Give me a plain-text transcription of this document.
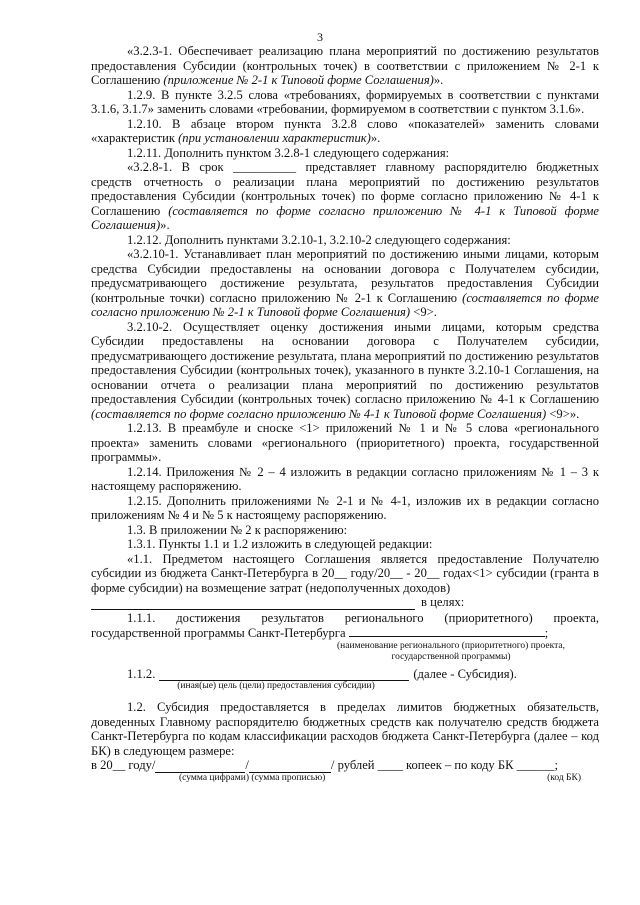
3

«3.2.3-1. Обеспечивает реализацию плана мероприятий по достижению результатов предоставления Субсидии (контрольных точек) в соответствии с приложением № 2-1 к Соглашению (приложение № 2-1 к Типовой форме Соглашения)».

1.2.9. В пункте 3.2.5 слова «требованиях, формируемых в соответствии с пунктами 3.1.6, 3.1.7» заменить словами «требовании, формируемом в соответствии с пунктом 3.1.6».

1.2.10. В абзаце втором пункта 3.2.8 слово «показателей» заменить словами «характеристик (при установлении характеристик)».

1.2.11. Дополнить пунктом 3.2.8-1 следующего содержания:

«3.2.8-1. В срок __________ представляет главному распорядителю бюджетных средств отчетность о реализации плана мероприятий по достижению результатов предоставления Субсидии (контрольных точек) по форме согласно приложению № 4-1 к Соглашению (составляется по форме согласно приложению № 4-1 к Типовой форме Соглашения)».

1.2.12. Дополнить пунктами 3.2.10-1, 3.2.10-2 следующего содержания:

«3.2.10-1. Устанавливает план мероприятий по достижению иными лицами, которым средства Субсидии предоставлены на основании договора с Получателем субсидии, предусматривающего достижение результата, результатов предоставления Субсидии (контрольные точки) согласно приложению № 2-1 к Соглашению (составляется по форме согласно приложению № 2-1 к Типовой форме Соглашения) <9>.

3.2.10-2. Осуществляет оценку достижения иными лицами, которым средства Субсидии предоставлены на основании договора с Получателем субсидии, предусматривающего достижение результата, плана мероприятий по достижению результатов предоставления Субсидии (контрольных точек), указанного в пункте 3.2.10-1 Соглашения, на основании отчета о реализации плана мероприятий по достижению результатов предоставления Субсидии (контрольных точек) согласно приложению № 4-1 к Соглашению (составляется по форме согласно приложению № 4-1 к Типовой форме Соглашения) <9>».

1.2.13. В преамбуле и сноске <1> приложений № 1 и № 5 слова «регионального проекта» заменить словами «регионального (приоритетного) проекта, государственной программы».

1.2.14. Приложения № 2 – 4 изложить в редакции согласно приложениям № 1 – 3 к настоящему распоряжению.

1.2.15. Дополнить приложениями № 2-1 и № 4-1, изложив их в редакции согласно приложениям № 4 и № 5 к настоящему распоряжению.

1.3. В приложении № 2 к распоряжению:

1.3.1. Пункты 1.1 и 1.2 изложить в следующей редакции:

«1.1. Предметом настоящего Соглашения является предоставление Получателю субсидии из бюджета Санкт-Петербурга в 20__ году/20__ - 20__ годах<1> субсидии (гранта в форме субсидии) на возмещение затрат (недополученных доходов)

в целях:

1.1.1. достижения результатов регионального (приоритетного) проекта, государственной программы Санкт-Петербурга	;

(наименование регионального (приоритетного) проекта, государственной программы)
1.1.2.	(далее - Субсидия).
(иная(ые) цель (цели) предоставления субсидии)

1.2. Субсидия предоставляется в пределах лимитов бюджетных обязательств, доведенных Главному распорядителю бюджетных средств как получателю средств бюджета Санкт-Петербурга по кодам классификации расходов бюджета Санкт-Петербурга (далее – код БК) в следующем размере:

в 20__ году/	/	/ рублей ____ копеек – по коду БК ______;
(сумма цифрами) (сумма прописью)	(код БК)
